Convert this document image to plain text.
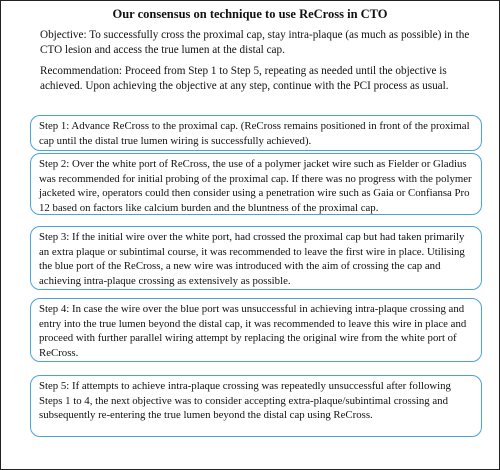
Our consensus on technique to use ReCross in CTO
Objective: To successfully cross the proximal cap, stay intra-plaque (as much as possible) in the CTO lesion and access the true lumen at the distal cap.
Recommendation: Proceed from Step 1 to Step 5, repeating as needed until the objective is achieved. Upon achieving the objective at any step, continue with the PCI process as usual.
Step 1: Advance ReCross to the proximal cap. (ReCross remains positioned in front of the proximal cap until the distal true lumen wiring is successfully achieved).
Step 2: Over the white port of ReCross, the use of a polymer jacket wire such as Fielder or Gladius was recommended for initial probing of the proximal cap. If there was no progress with the polymer jacketed wire, operators could then consider using a penetration wire such as Gaia or Confiansa Pro 12 based on factors like calcium burden and the bluntness of the proximal cap.
Step 3: If the initial wire over the white port, had crossed the proximal cap but had taken primarily an extra plaque or subintimal course, it was recommended to leave the first wire in place. Utilising the blue port of the ReCross, a new wire was introduced with the aim of crossing the cap and achieving intra-plaque crossing as extensively as possible.
Step 4: In case the wire over the blue port was unsuccessful in achieving intra-plaque crossing and entry into the true lumen beyond the distal cap, it was recommended to leave this wire in place and proceed with further parallel wiring attempt by replacing the original wire from the white port of ReCross.
Step 5: If attempts to achieve intra-plaque crossing was repeatedly unsuccessful after following Steps 1 to 4, the next objective was to consider accepting extra-plaque/subintimal crossing and subsequently re-entering the true lumen beyond the distal cap using ReCross.
